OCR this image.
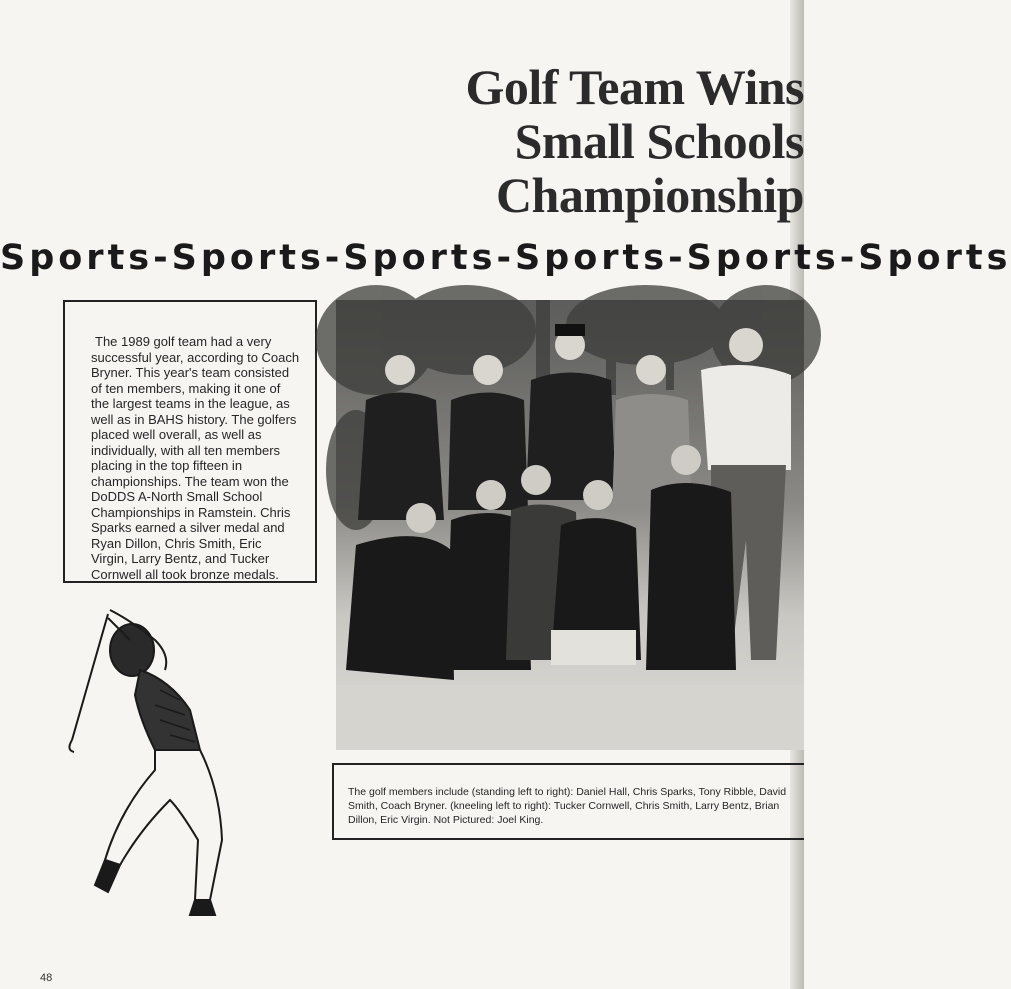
Golf Team Wins
Small Schools
Championship
Sports-Sports-Sports-Sports-Sports-Sports

The 1989 golf team had a very successful year, according to Coach Bryner. This year's team consisted of ten members, making it one of the largest teams in the league, as well as in BAHS history. The golfers placed well overall, as well as individually, with all ten members placing in the top fifteen in championships. The team won the DoDDS A-North Small School Championships in Ramstein. Chris Sparks earned a silver medal and Ryan Dillon, Chris Smith, Eric Virgin, Larry Bentz, and Tucker Cornwell all took bronze medals.

The golf members include (standing left to right): Daniel Hall, Chris Sparks, Tony Ribble, David Smith, Coach Bryner. (kneeling left to right): Tucker Cornwell, Chris Smith, Larry Bentz, Brian Dillon, Eric Virgin. Not Pictured: Joel King.
48
